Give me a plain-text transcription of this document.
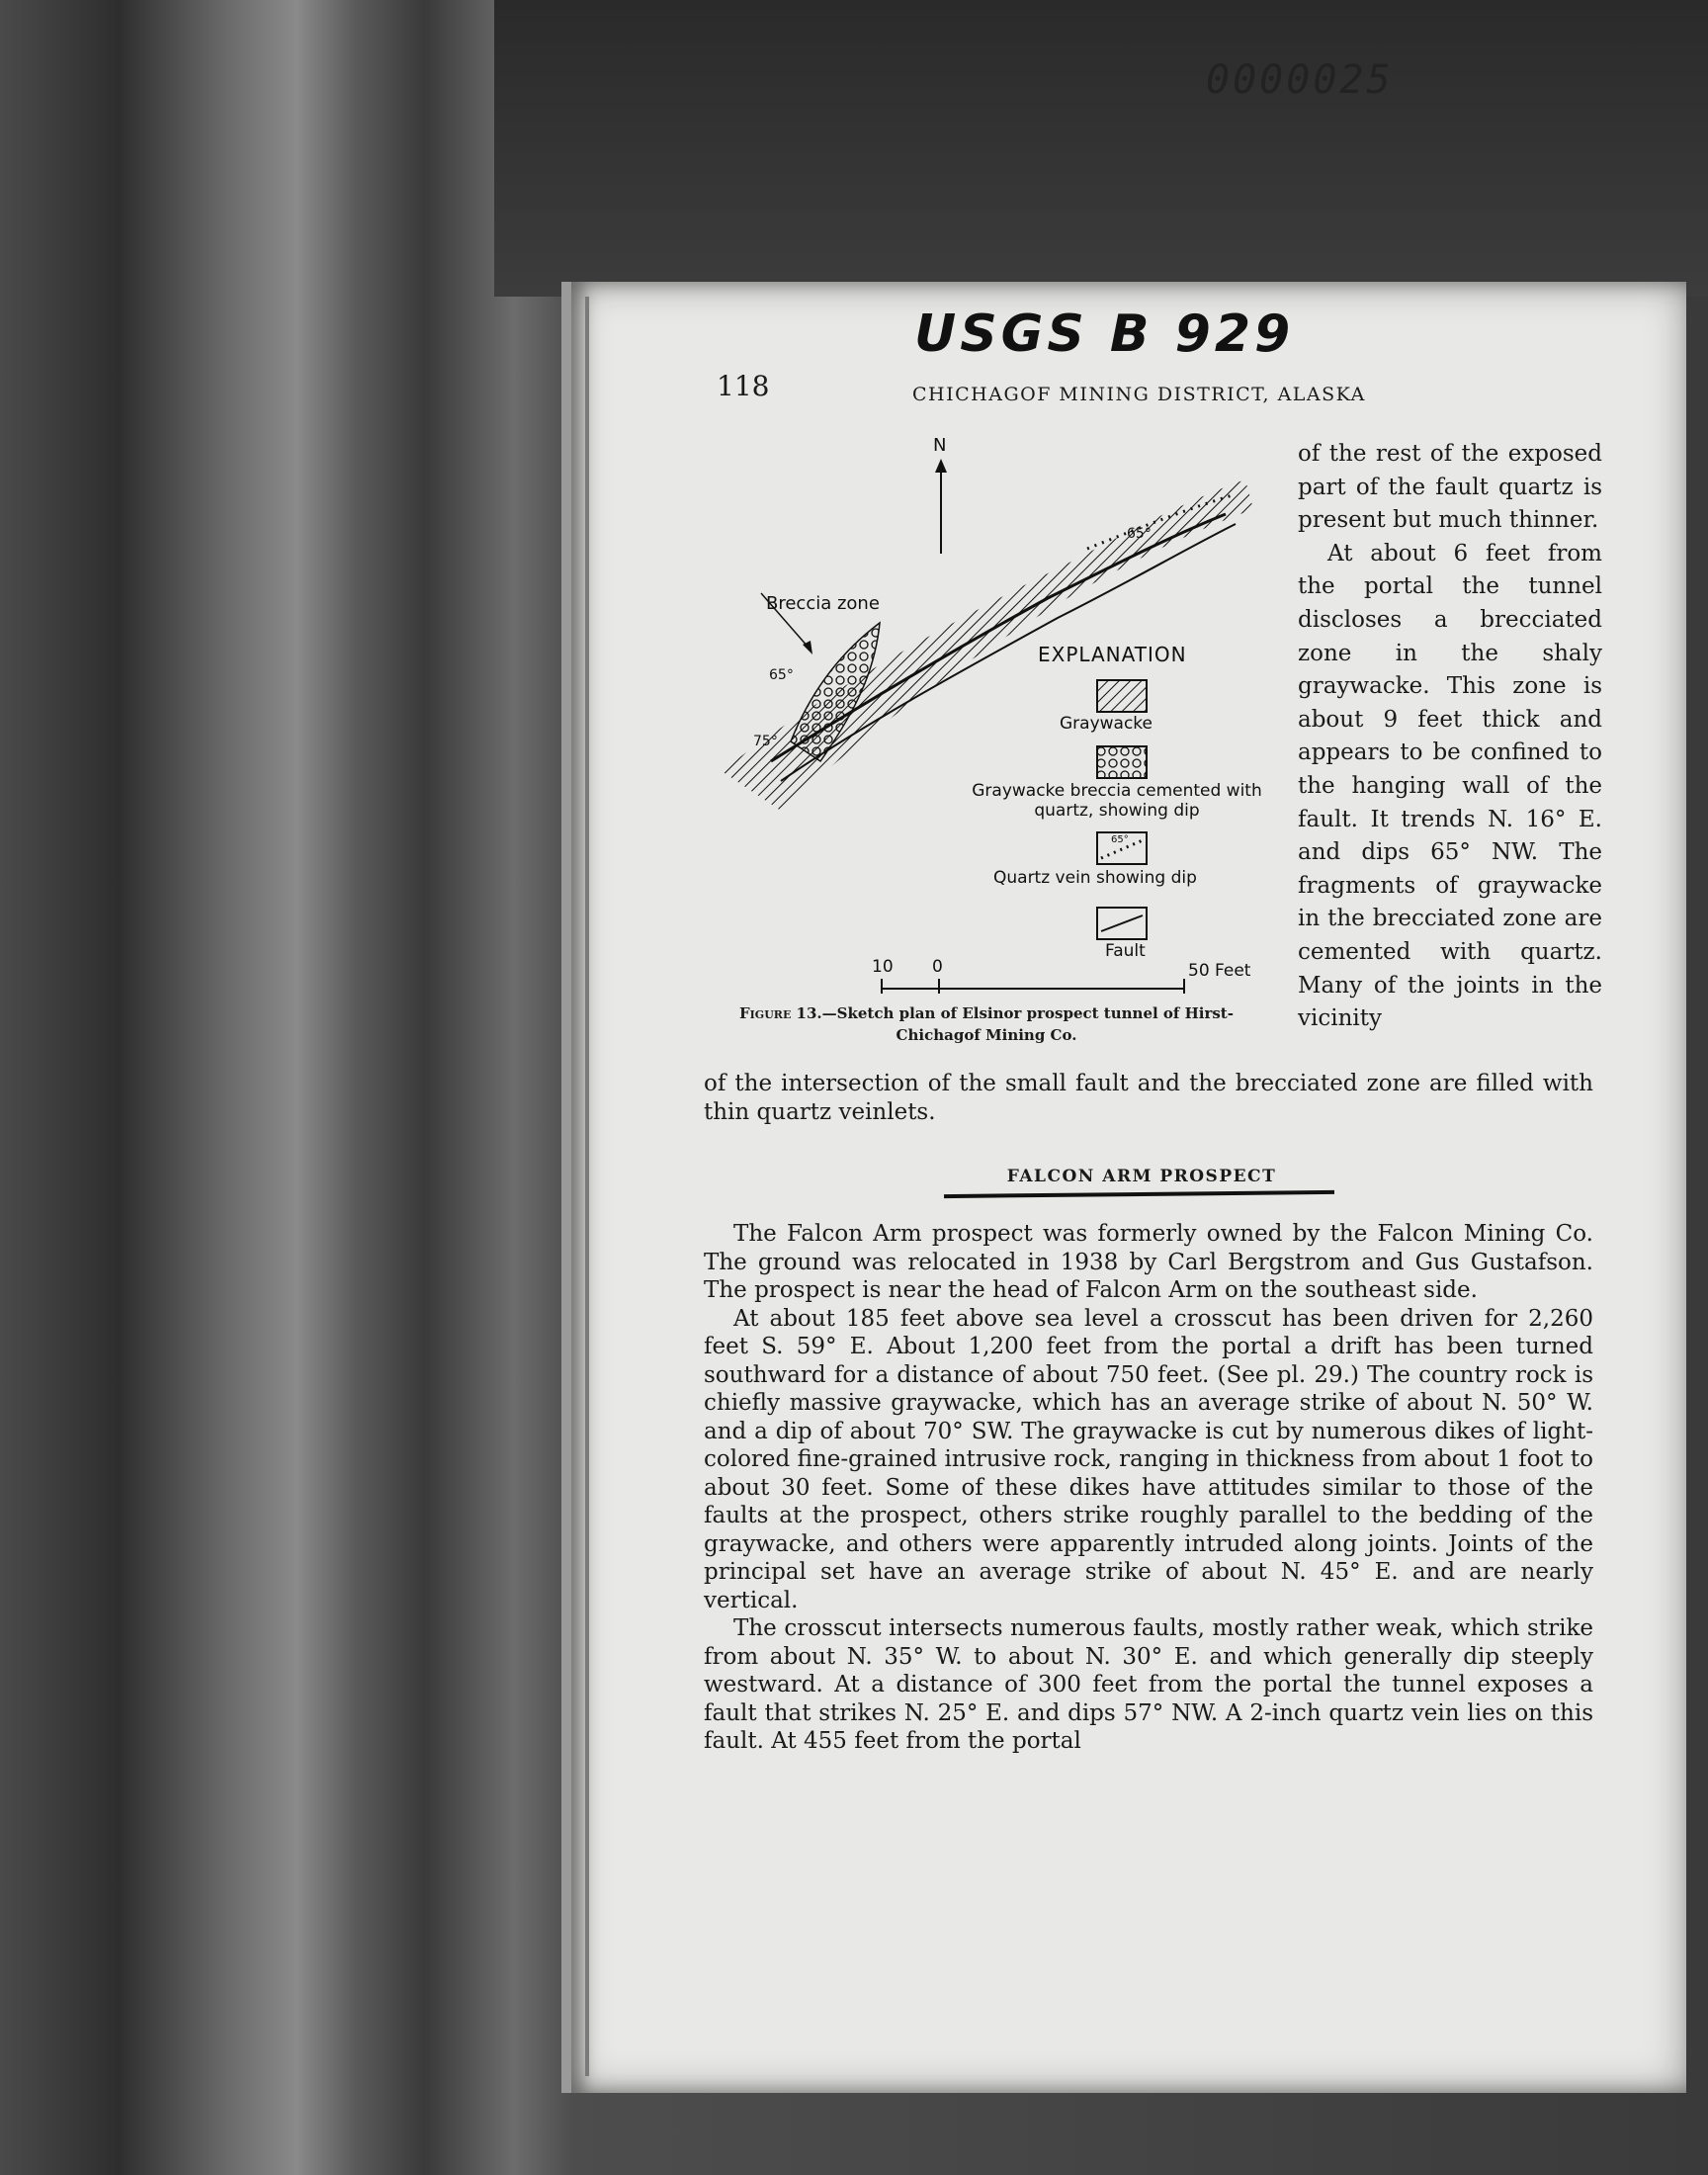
0000025
USGS B 929
118	CHICHAGOF MINING DISTRICT, ALASKA
N
Breccia zone
65°
65°
75°
EXPLANATION
Graywacke
Graywacke breccia cemented with quartz, showing dip
65°
Quartz vein showing dip
Fault
10 0	50 Feet
Figure 13.—Sketch plan of Elsinor prospect tunnel of Hirst-Chichagof Mining Co.

of the rest of the exposed part of the fault quartz is present but much thinner.

At about 6 feet from the portal the tunnel discloses a brecciated zone in the shaly graywacke. This zone is about 9 feet thick and appears to be confined to the hanging wall of the fault. It trends N. 16° E. and dips 65° NW. The fragments of graywacke in the brecciated zone are cemented with quartz. Many of the joints in the vicinity

of the intersection of the small fault and the brecciated zone are filled with thin quartz veinlets.

FALCON ARM PROSPECT

The Falcon Arm prospect was formerly owned by the Falcon Mining Co. The ground was relocated in 1938 by Carl Bergstrom and Gus Gustafson. The prospect is near the head of Falcon Arm on the southeast side.

At about 185 feet above sea level a crosscut has been driven for 2,260 feet S. 59° E. About 1,200 feet from the portal a drift has been turned southward for a distance of about 750 feet. (See pl. 29.) The country rock is chiefly massive graywacke, which has an average strike of about N. 50° W. and a dip of about 70° SW. The graywacke is cut by numerous dikes of light-colored fine-grained intrusive rock, ranging in thickness from about 1 foot to about 30 feet. Some of these dikes have attitudes similar to those of the faults at the prospect, others strike roughly parallel to the bedding of the graywacke, and others were apparently intruded along joints. Joints of the principal set have an average strike of about N. 45° E. and are nearly vertical.

The crosscut intersects numerous faults, mostly rather weak, which strike from about N. 35° W. to about N. 30° E. and which generally dip steeply westward. At a distance of 300 feet from the portal the tunnel exposes a fault that strikes N. 25° E. and dips 57° NW. A 2-inch quartz vein lies on this fault. At 455 feet from the portal
